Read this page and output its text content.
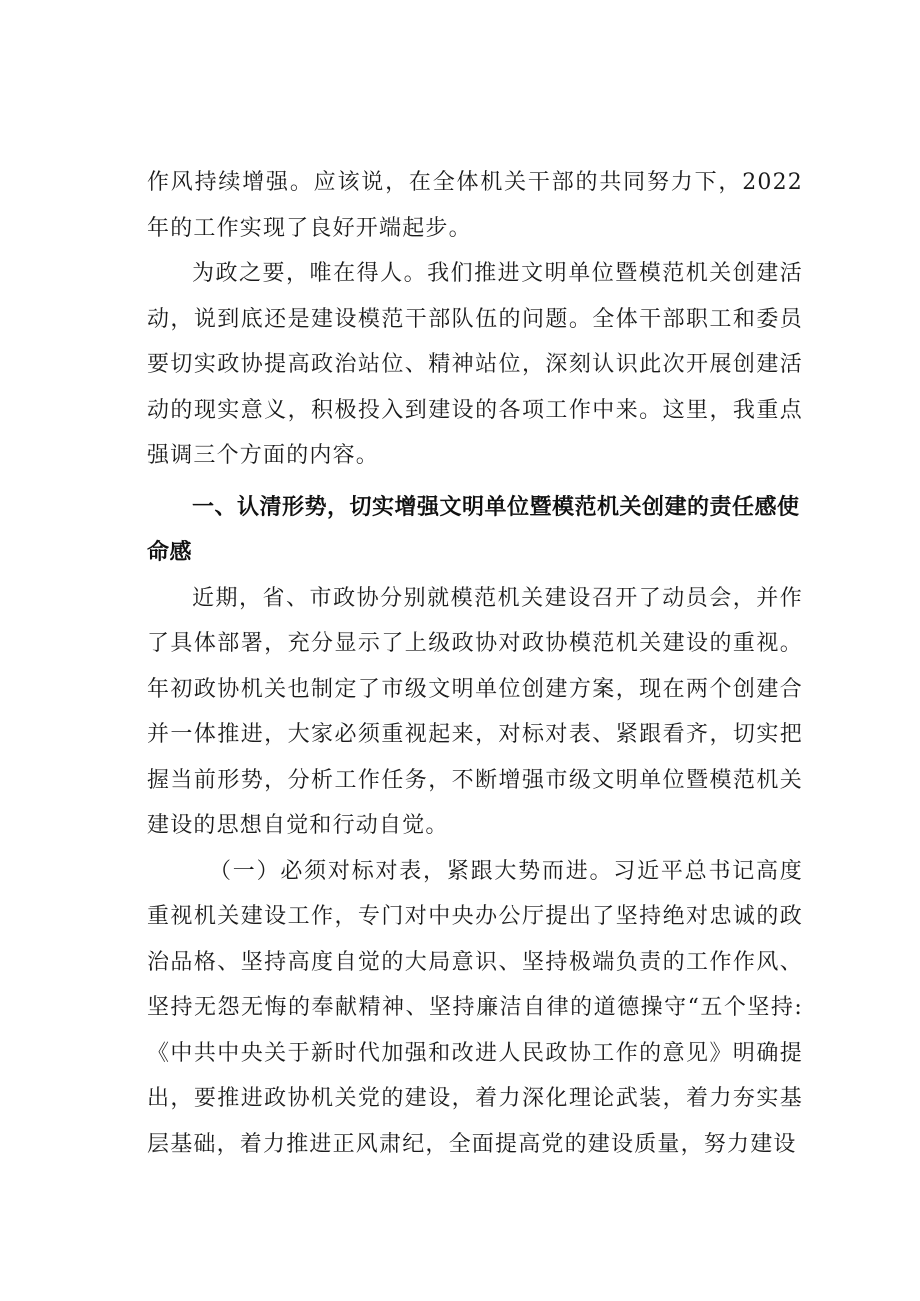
作风持续增强。应该说，在全体机关干部的共同努力下，2022年的工作实现了良好开端起步。

为政之要，唯在得人。我们推进文明单位暨模范机关创建活动，说到底还是建设模范干部队伍的问题。全体干部职工和委员要切实政协提高政治站位、精神站位，深刻认识此次开展创建活动的现实意义，积极投入到建设的各项工作中来。这里，我重点强调三个方面的内容。

一、认清形势，切实增强文明单位暨模范机关创建的责任感使命感

近期，省、市政协分别就模范机关建设召开了动员会，并作了具体部署，充分显示了上级政协对政协模范机关建设的重视。年初政协机关也制定了市级文明单位创建方案，现在两个创建合并一体推进，大家必须重视起来，对标对表、紧跟看齐，切实把握当前形势，分析工作任务，不断增强市级文明单位暨模范机关建设的思想自觉和行动自觉。

（一）必须对标对表，紧跟大势而进。习近平总书记高度重视机关建设工作，专门对中央办公厅提出了坚持绝对忠诚的政治品格、坚持高度自觉的大局意识、坚持极端负责的工作作风、坚持无怨无悔的奉献精神、坚持廉洁自律的道德操守“五个坚持:《中共中央关于新时代加强和改进人民政协工作的意见》明确提出，要推进政协机关党的建设，着力深化理论武装，着力夯实基层基础，着力推进正风肃纪，全面提高党的建设质量，努力建设
